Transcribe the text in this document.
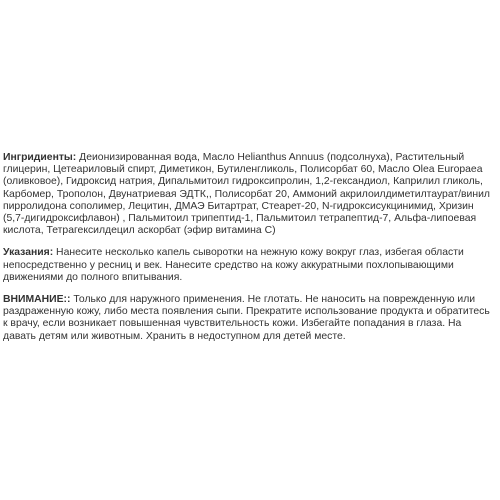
Ингридиенты: Деионизированная вода, Масло Helianthus Annuus (подсолнуха), Растительный глицерин, Цетеариловый спирт, Диметикон, Бутиленгликоль, Полисорбат 60, Масло Olea Europaea (оливковое), Гидроксид натрия, Дипальмитоил гидроксипролин, 1,2-гександиол, Каприлил гликоль, Карбомер, Трополон, Двунатриевая ЭДТК,, Полисорбат 20, Аммоний акрилоилдиметилтаурат/винил пирролидона сополимер, Лецитин, ДМАЭ Битартрат, Стеарет-20, N-гидроксисукцинимид, Хризин (5,7-дигидроксифлавон) , Пальмитоил трипептид-1, Пальмитоил тетрапептид-7, Альфа-липоевая кислота, Тетрагексилдецил аскорбат (эфир витамина С)

Указания: Нанесите несколько капель сыворотки на нежную кожу вокруг глаз, избегая области непосредственно у ресниц и век. Нанесите средство на кожу аккуратными похлопывающими движениями до полного впитывания.

ВНИМАНИЕ:: Только для наружного применения. Не глотать. Не наносить на поврежденную или раздраженную кожу, либо места появления сыпи. Прекратите использование продукта и обратитесь к врачу, если возникает повышенная чувствительность кожи. Избегайте попадания в глаза. На давать детям или животным. Хранить в недоступном для детей месте.
